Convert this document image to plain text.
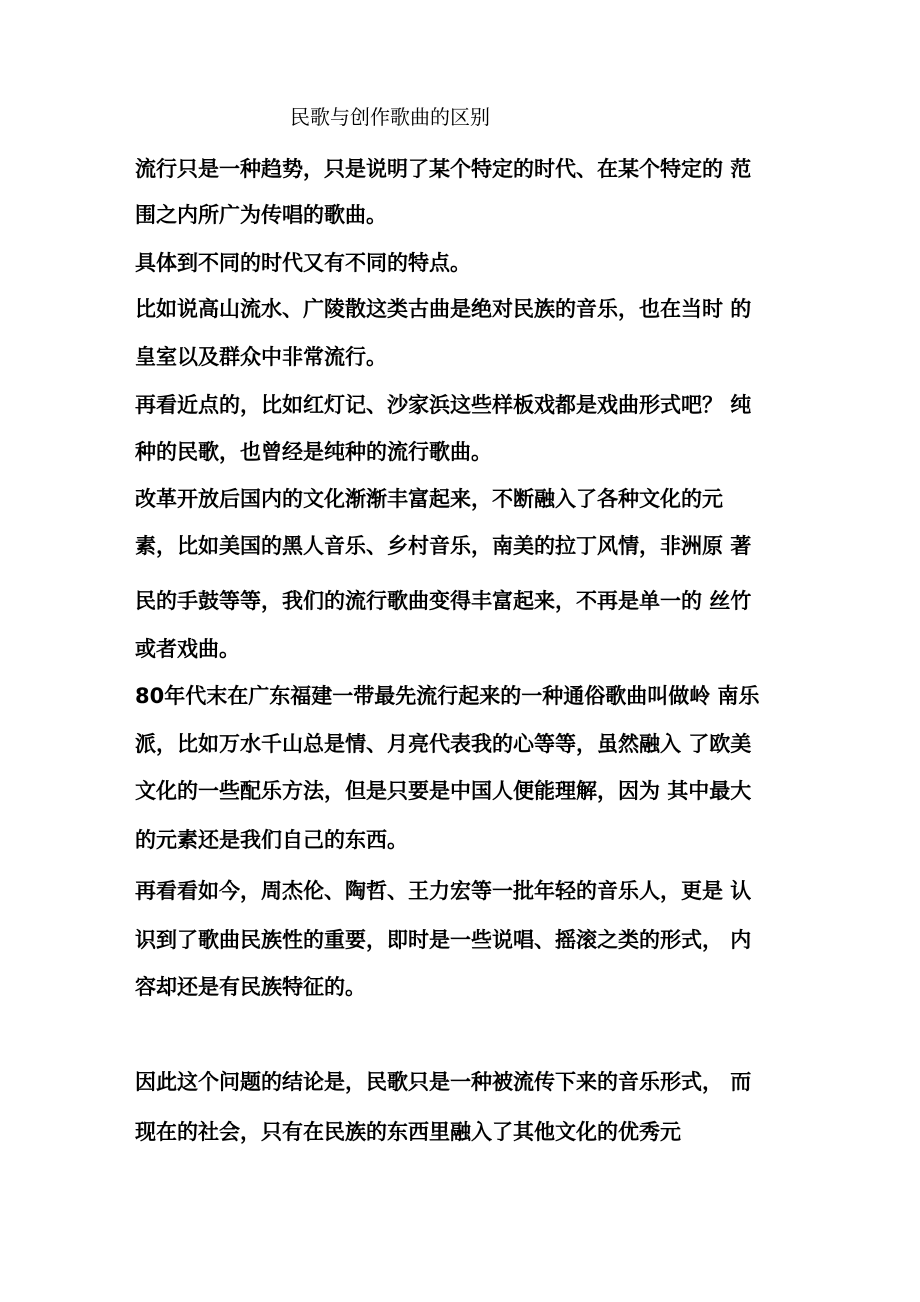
民歌与创作歌曲的区别
流行只是一种趋势，只是说明了某个特定的时代、在某个特定的 范
围之内所广为传唱的歌曲。
具体到不同的时代又有不同的特点。
比如说高山流水、广陵散这类古曲是绝对民族的音乐，也在当时 的
皇室以及群众中非常流行。
再看近点的，比如红灯记、沙家浜这些样板戏都是戏曲形式吧？ 纯
种的民歌，也曾经是纯种的流行歌曲。
改革开放后国内的文化渐渐丰富起来，不断融入了各种文化的元
素，比如美国的黑人音乐、乡村音乐，南美的拉丁风情，非洲原 著
民的手鼓等等，我们的流行歌曲变得丰富起来，不再是单一的 丝竹
或者戏曲。
80年代末在广东福建一带最先流行起来的一种通俗歌曲叫做岭 南乐
派，比如万水千山总是情、月亮代表我的心等等，虽然融入 了欧美
文化的一些配乐方法，但是只要是中国人便能理解，因为 其中最大
的元素还是我们自己的东西。
再看看如今，周杰伦、陶哲、王力宏等一批年轻的音乐人，更是 认
识到了歌曲民族性的重要，即时是一些说唱、摇滚之类的形式， 内
容却还是有民族特征的。
因此这个问题的结论是，民歌只是一种被流传下来的音乐形式， 而
现在的社会，只有在民族的东西里融入了其他文化的优秀元
